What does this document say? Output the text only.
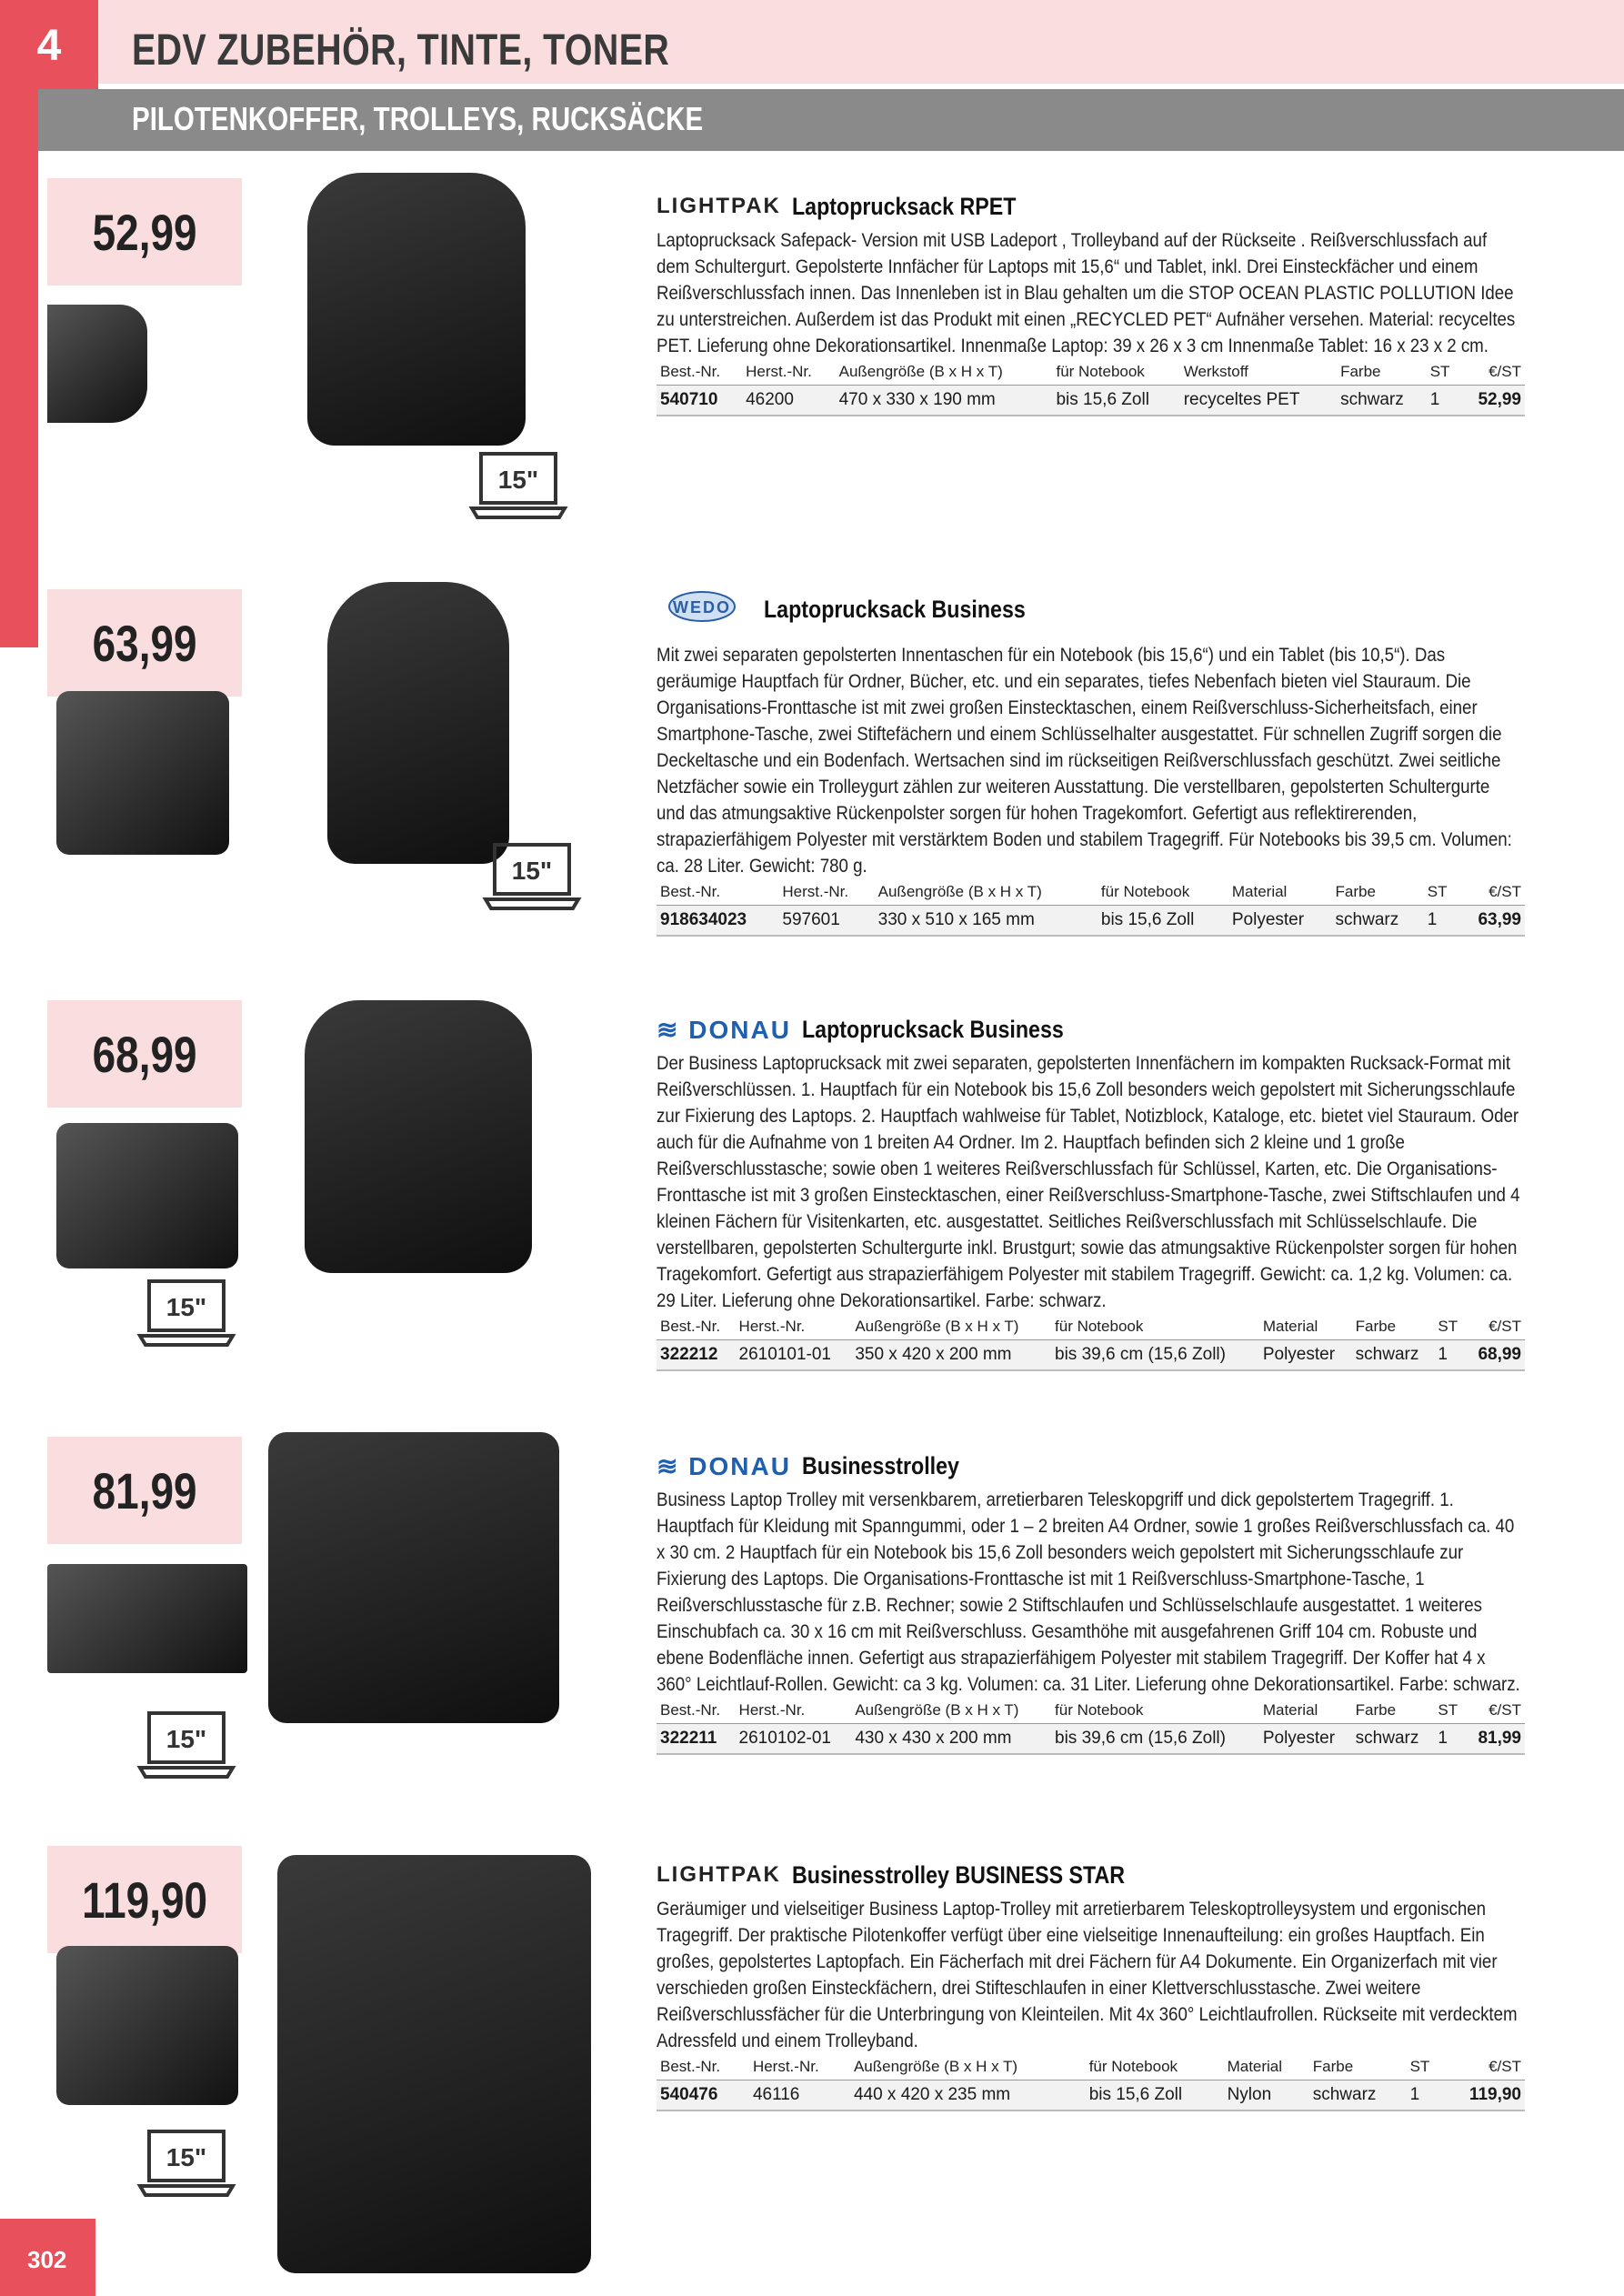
4	EDV ZUBEHÖR, TINTE, TONER
PILOTENKOFFER, TROLLEYS, RUCKSÄCKE
52,99
15"
LIGHTPAK Laptoprucksack RPET
Laptoprucksack Safepack- Version mit USB Ladeport , Trolleyband auf der Rückseite . Reißverschlussfach auf dem Schultergurt. Gepolsterte Innfächer für Laptops mit 15,6“ und Tablet, inkl. Drei Einsteckfächer und einem Reißverschlussfach innen. Das Innenleben ist in Blau gehalten um die STOP OCEAN PLASTIC POLLUTION Idee zu unterstreichen. Außerdem ist das Produkt mit einen „RECYCLED PET“ Aufnäher versehen. Material: recyceltes PET. Lieferung ohne Dekorationsartikel. Innenmaße Laptop: 39 x 26 x 3 cm Innenmaße Tablet: 16 x 23 x 2 cm.
Best.-Nr.	Herst.-Nr.	Außengröße (B x H x T)	für Notebook	Werkstoff	Farbe	ST	€/ST
540710	46200	470 x 330 x 190 mm	bis 15,6 Zoll	recyceltes PET	schwarz	1	52,99
63,99
15"
WEDO Laptoprucksack Business
Mit zwei separaten gepolsterten Innentaschen für ein Notebook (bis 15,6“) und ein Tablet (bis 10,5“). Das geräumige Hauptfach für Ordner, Bücher, etc. und ein separates, tiefes Nebenfach bieten viel Stauraum. Die Organisations-Fronttasche ist mit zwei großen Einstecktaschen, einem Reißverschluss-Sicherheitsfach, einer Smartphone-Tasche, zwei Stiftefächern und einem Schlüsselhalter ausgestattet. Für schnellen Zugriff sorgen die Deckeltasche und ein Bodenfach. Wertsachen sind im rückseitigen Reißverschlussfach geschützt. Zwei seitliche Netzfächer sowie ein Trolleygurt zählen zur weiteren Ausstattung. Die verstellbaren, gepolsterten Schultergurte und das atmungsaktive Rückenpolster sorgen für hohen Tragekomfort. Gefertigt aus reflektirerenden, strapazierfähigem Polyester mit verstärktem Boden und stabilem Tragegriff. Für Notebooks bis 39,5 cm. Volumen: ca. 28 Liter. Gewicht: 780 g.
Best.-Nr.	Herst.-Nr.	Außengröße (B x H x T)	für Notebook	Material	Farbe	ST	€/ST
918634023	597601	330 x 510 x 165 mm	bis 15,6 Zoll	Polyester	schwarz	1	63,99
68,99
15"
≋ DONAU Laptoprucksack Business
Der Business Laptoprucksack mit zwei separaten, gepolsterten Innenfächern im kompakten Rucksack-Format mit Reißverschlüssen. 1. Hauptfach für ein Notebook bis 15,6 Zoll besonders weich gepolstert mit Sicherungsschlaufe zur Fixierung des Laptops. 2. Hauptfach wahlweise für Tablet, Notizblock, Kataloge, etc. bietet viel Stauraum. Oder auch für die Aufnahme von 1 breiten A4 Ordner. Im 2. Hauptfach befinden sich 2 kleine und 1 große Reißverschlusstasche; sowie oben 1 weiteres Reißverschlussfach für Schlüssel, Karten, etc. Die Organisations-Fronttasche ist mit 3 großen Einstecktaschen, einer Reißverschluss-Smartphone-Tasche, zwei Stiftschlaufen und 4 kleinen Fächern für Visitenkarten, etc. ausgestattet. Seitliches Reißverschlussfach mit Schlüsselschlaufe. Die verstellbaren, gepolsterten Schultergurte inkl. Brustgurt; sowie das atmungsaktive Rückenpolster sorgen für hohen Tragekomfort. Gefertigt aus strapazierfähigem Polyester mit stabilem Tragegriff. Gewicht: ca. 1,2 kg. Volumen: ca. 29 Liter. Lieferung ohne Dekorationsartikel. Farbe: schwarz.
Best.-Nr.	Herst.-Nr.	Außengröße (B x H x T)	für Notebook	Material	Farbe	ST	€/ST
322212	2610101-01	350 x 420 x 200 mm	bis 39,6 cm (15,6 Zoll)	Polyester	schwarz	1	68,99
81,99
15"
≋ DONAU Businesstrolley
Business Laptop Trolley mit versenkbarem, arretierbaren Teleskopgriff und dick gepolstertem Tragegriff. 1. Hauptfach für Kleidung mit Spanngummi, oder 1 – 2 breiten A4 Ordner, sowie 1 großes Reißverschlussfach ca. 40 x 30 cm. 2 Hauptfach für ein Notebook bis 15,6 Zoll besonders weich gepolstert mit Sicherungsschlaufe zur Fixierung des Laptops. Die Organisations-Fronttasche ist mit 1 Reißverschluss-Smartphone-Tasche, 1 Reißverschlusstasche für z.B. Rechner; sowie 2 Stiftschlaufen und Schlüsselschlaufe ausgestattet. 1 weiteres Einschubfach ca. 30 x 16 cm mit Reißverschluss. Gesamthöhe mit ausgefahrenen Griff 104 cm. Robuste und ebene Bodenfläche innen. Gefertigt aus strapazierfähigem Polyester mit stabilem Tragegriff. Der Koffer hat 4 x 360° Leichtlauf-Rollen. Gewicht: ca 3 kg. Volumen: ca. 31 Liter. Lieferung ohne Dekorationsartikel. Farbe: schwarz.
Best.-Nr.	Herst.-Nr.	Außengröße (B x H x T)	für Notebook	Material	Farbe	ST	€/ST
322211	2610102-01	430 x 430 x 200 mm	bis 39,6 cm (15,6 Zoll)	Polyester	schwarz	1	81,99
119,90
15"
LIGHTPAK Businesstrolley BUSINESS STAR
Geräumiger und vielseitiger Business Laptop-Trolley mit arretierbarem Teleskoptrolleysystem und ergonischen Tragegriff. Der praktische Pilotenkoffer verfügt über eine vielseitige Innenaufteilung: ein großes Hauptfach. Ein großes, gepolstertes Laptopfach. Ein Fächerfach mit drei Fächern für A4 Dokumente. Ein Organizerfach mit vier verschieden großen Einsteckfächern, drei Stifteschlaufen in einer Klettverschlusstasche. Zwei weitere Reißverschlussfächer für die Unterbringung von Kleinteilen. Mit 4x 360° Leichtlaufrollen. Rückseite mit verdecktem Adressfeld und einem Trolleyband.
Best.-Nr.	Herst.-Nr.	Außengröße (B x H x T)	für Notebook	Material	Farbe	ST	€/ST
540476	46116	440 x 420 x 235 mm	bis 15,6 Zoll	Nylon	schwarz	1	119,90
302
